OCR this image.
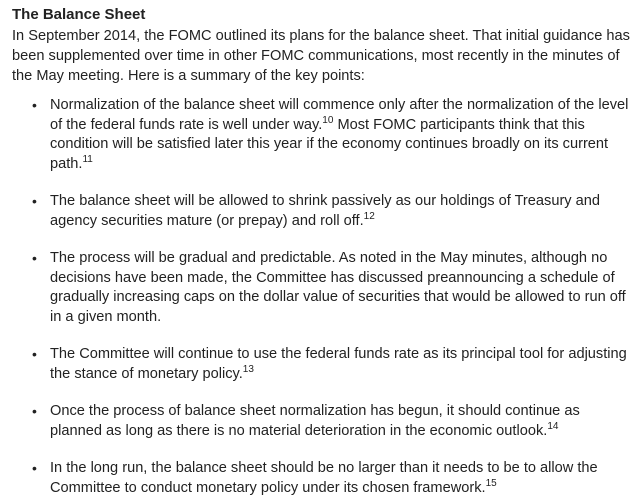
The Balance Sheet

In September 2014, the FOMC outlined its plans for the balance sheet. That initial guidance has been supplemented over time in other FOMC communications, most recently in the minutes of the May meeting. Here is a summary of the key points:

• Normalization of the balance sheet will commence only after the normalization of the level of the federal funds rate is well under way.$^{10}$ Most FOMC participants think that this condition will be satisfied later this year if the economy continues broadly on its current path.$^{11}$
• The balance sheet will be allowed to shrink passively as our holdings of Treasury and agency securities mature (or prepay) and roll off.$^{12}$
• The process will be gradual and predictable. As noted in the May minutes, although no decisions have been made, the Committee has discussed preannouncing a schedule of gradually increasing caps on the dollar value of securities that would be allowed to run off in a given month.
• The Committee will continue to use the federal funds rate as its principal tool for adjusting the stance of monetary policy.$^{13}$
• Once the process of balance sheet normalization has begun, it should continue as planned as long as there is no material deterioration in the economic outlook.$^{14}$
• In the long run, the balance sheet should be no larger than it needs to be to allow the Committee to conduct monetary policy under its chosen framework.$^{15}$
